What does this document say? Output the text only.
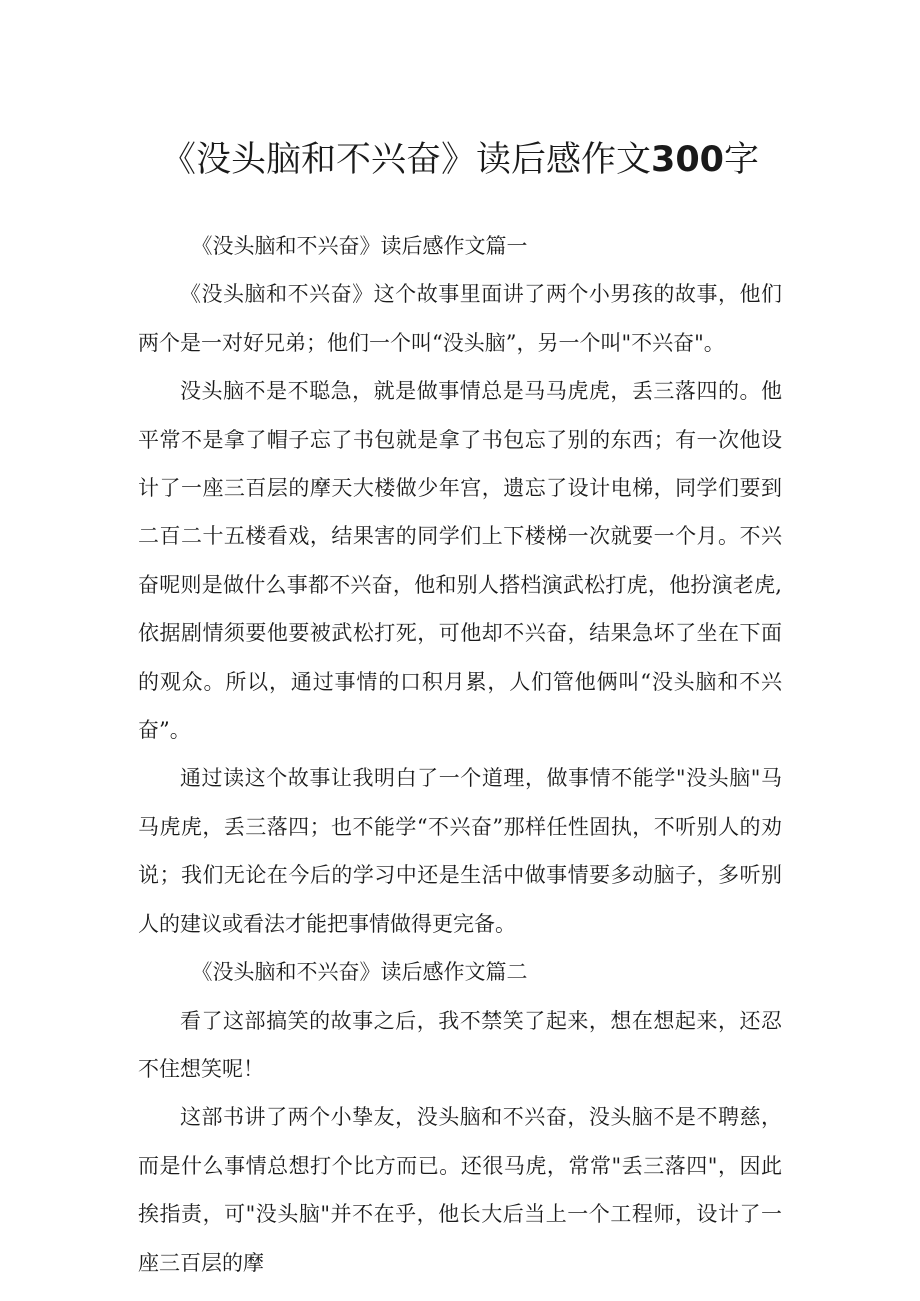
《没头脑和不兴奋》读后感作文300字

《没头脑和不兴奋》读后感作文篇一

《没头脑和不兴奋》这个故事里面讲了两个小男孩的故事，他们两个是一对好兄弟；他们一个叫“没头脑”，另一个叫"不兴奋"。

没头脑不是不聪急，就是做事情总是马马虎虎，丢三落四的。他平常不是拿了帽子忘了书包就是拿了书包忘了别的东西；有一次他设计了一座三百层的摩天大楼做少年宫，遗忘了设计电梯，同学们要到二百二十五楼看戏，结果害的同学们上下楼梯一次就要一个月。不兴奋呢则是做什么事都不兴奋，他和别人搭档演武松打虎，他扮演老虎,依据剧情须要他要被武松打死，可他却不兴奋，结果急坏了坐在下面的观众。所以，通过事情的口积月累，人们管他俩叫“没头脑和不兴奋”。

通过读这个故事让我明白了一个道理，做事情不能学"没头脑"马马虎虎，丢三落四；也不能学“不兴奋”那样任性固执，不听别人的劝说；我们无论在今后的学习中还是生活中做事情要多动脑子，多听别人的建议或看法才能把事情做得更完备。

《没头脑和不兴奋》读后感作文篇二

看了这部搞笑的故事之后，我不禁笑了起来，想在想起来，还忍不住想笑呢！

这部书讲了两个小挚友，没头脑和不兴奋，没头脑不是不聘慈，而是什么事情总想打个比方而已。还很马虎，常常"丢三落四"，因此挨指责，可"没头脑"并不在乎，他长大后当上一个工程师，设计了一座三百层的摩
